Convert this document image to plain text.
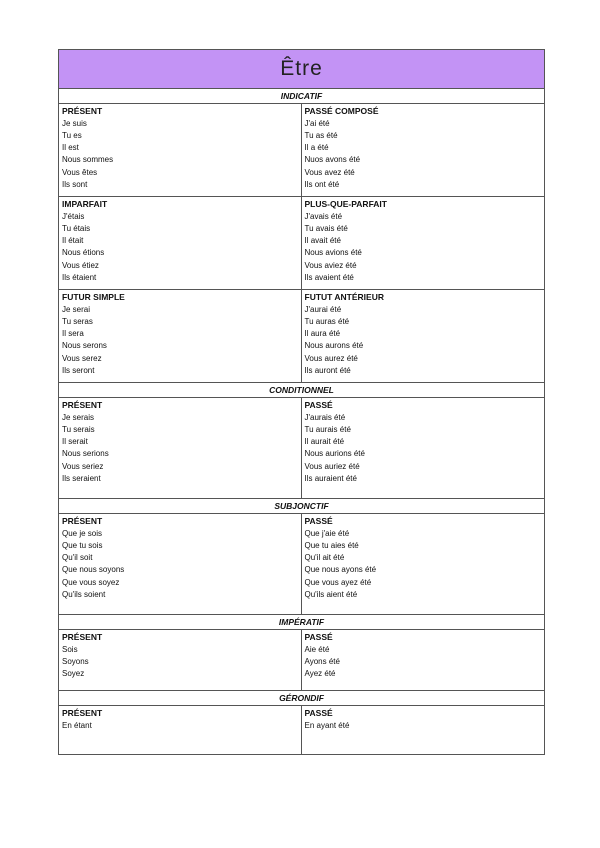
Être
INDICATIF
PRÉSENT
Je suis
Tu es
Il est
Nous sommes
Vous êtes
Ils sont
PASSÉ COMPOSÉ
J'ai été
Tu as été
Il a été
Nuos avons été
Vous avez été
Ils ont été
IMPARFAIT
J'étais
Tu étais
Il était
Nous étions
Vous étiez
Ils étaient
PLUS-QUE-PARFAIT
J'avais été
Tu avais été
Il avait été
Nous avions été
Vous aviez été
Ils avaient été
FUTUR SIMPLE
Je serai
Tu seras
Il sera
Nous serons
Vous serez
Ils seront
FUTUT ANTÉRIEUR
J'aurai été
Tu auras été
Il aura été
Nous aurons été
Vous aurez été
Ils auront été
CONDITIONNEL
PRÉSENT
Je serais
Tu serais
Il serait
Nous serions
Vous seriez
Ils seraient
PASSÉ
J'aurais été
Tu aurais été
Il aurait été
Nous aurions été
Vous auriez été
Ils auraient été
SUBJONCTIF
PRÉSENT
Que je sois
Que tu sois
Qu'il soit
Que nous soyons
Que vous soyez
Qu'ils soient
PASSÉ
Que j'aie été
Que tu aies été
Qu'il ait été
Que nous ayons été
Que vous ayez été
Qu'ils aient été
IMPÉRATIF
PRÉSENT
Sois
Soyons
Soyez
PASSÉ
Aie été
Ayons été
Ayez été
GÉRONDIF
PRÉSENT
En étant
PASSÉ
En ayant été
